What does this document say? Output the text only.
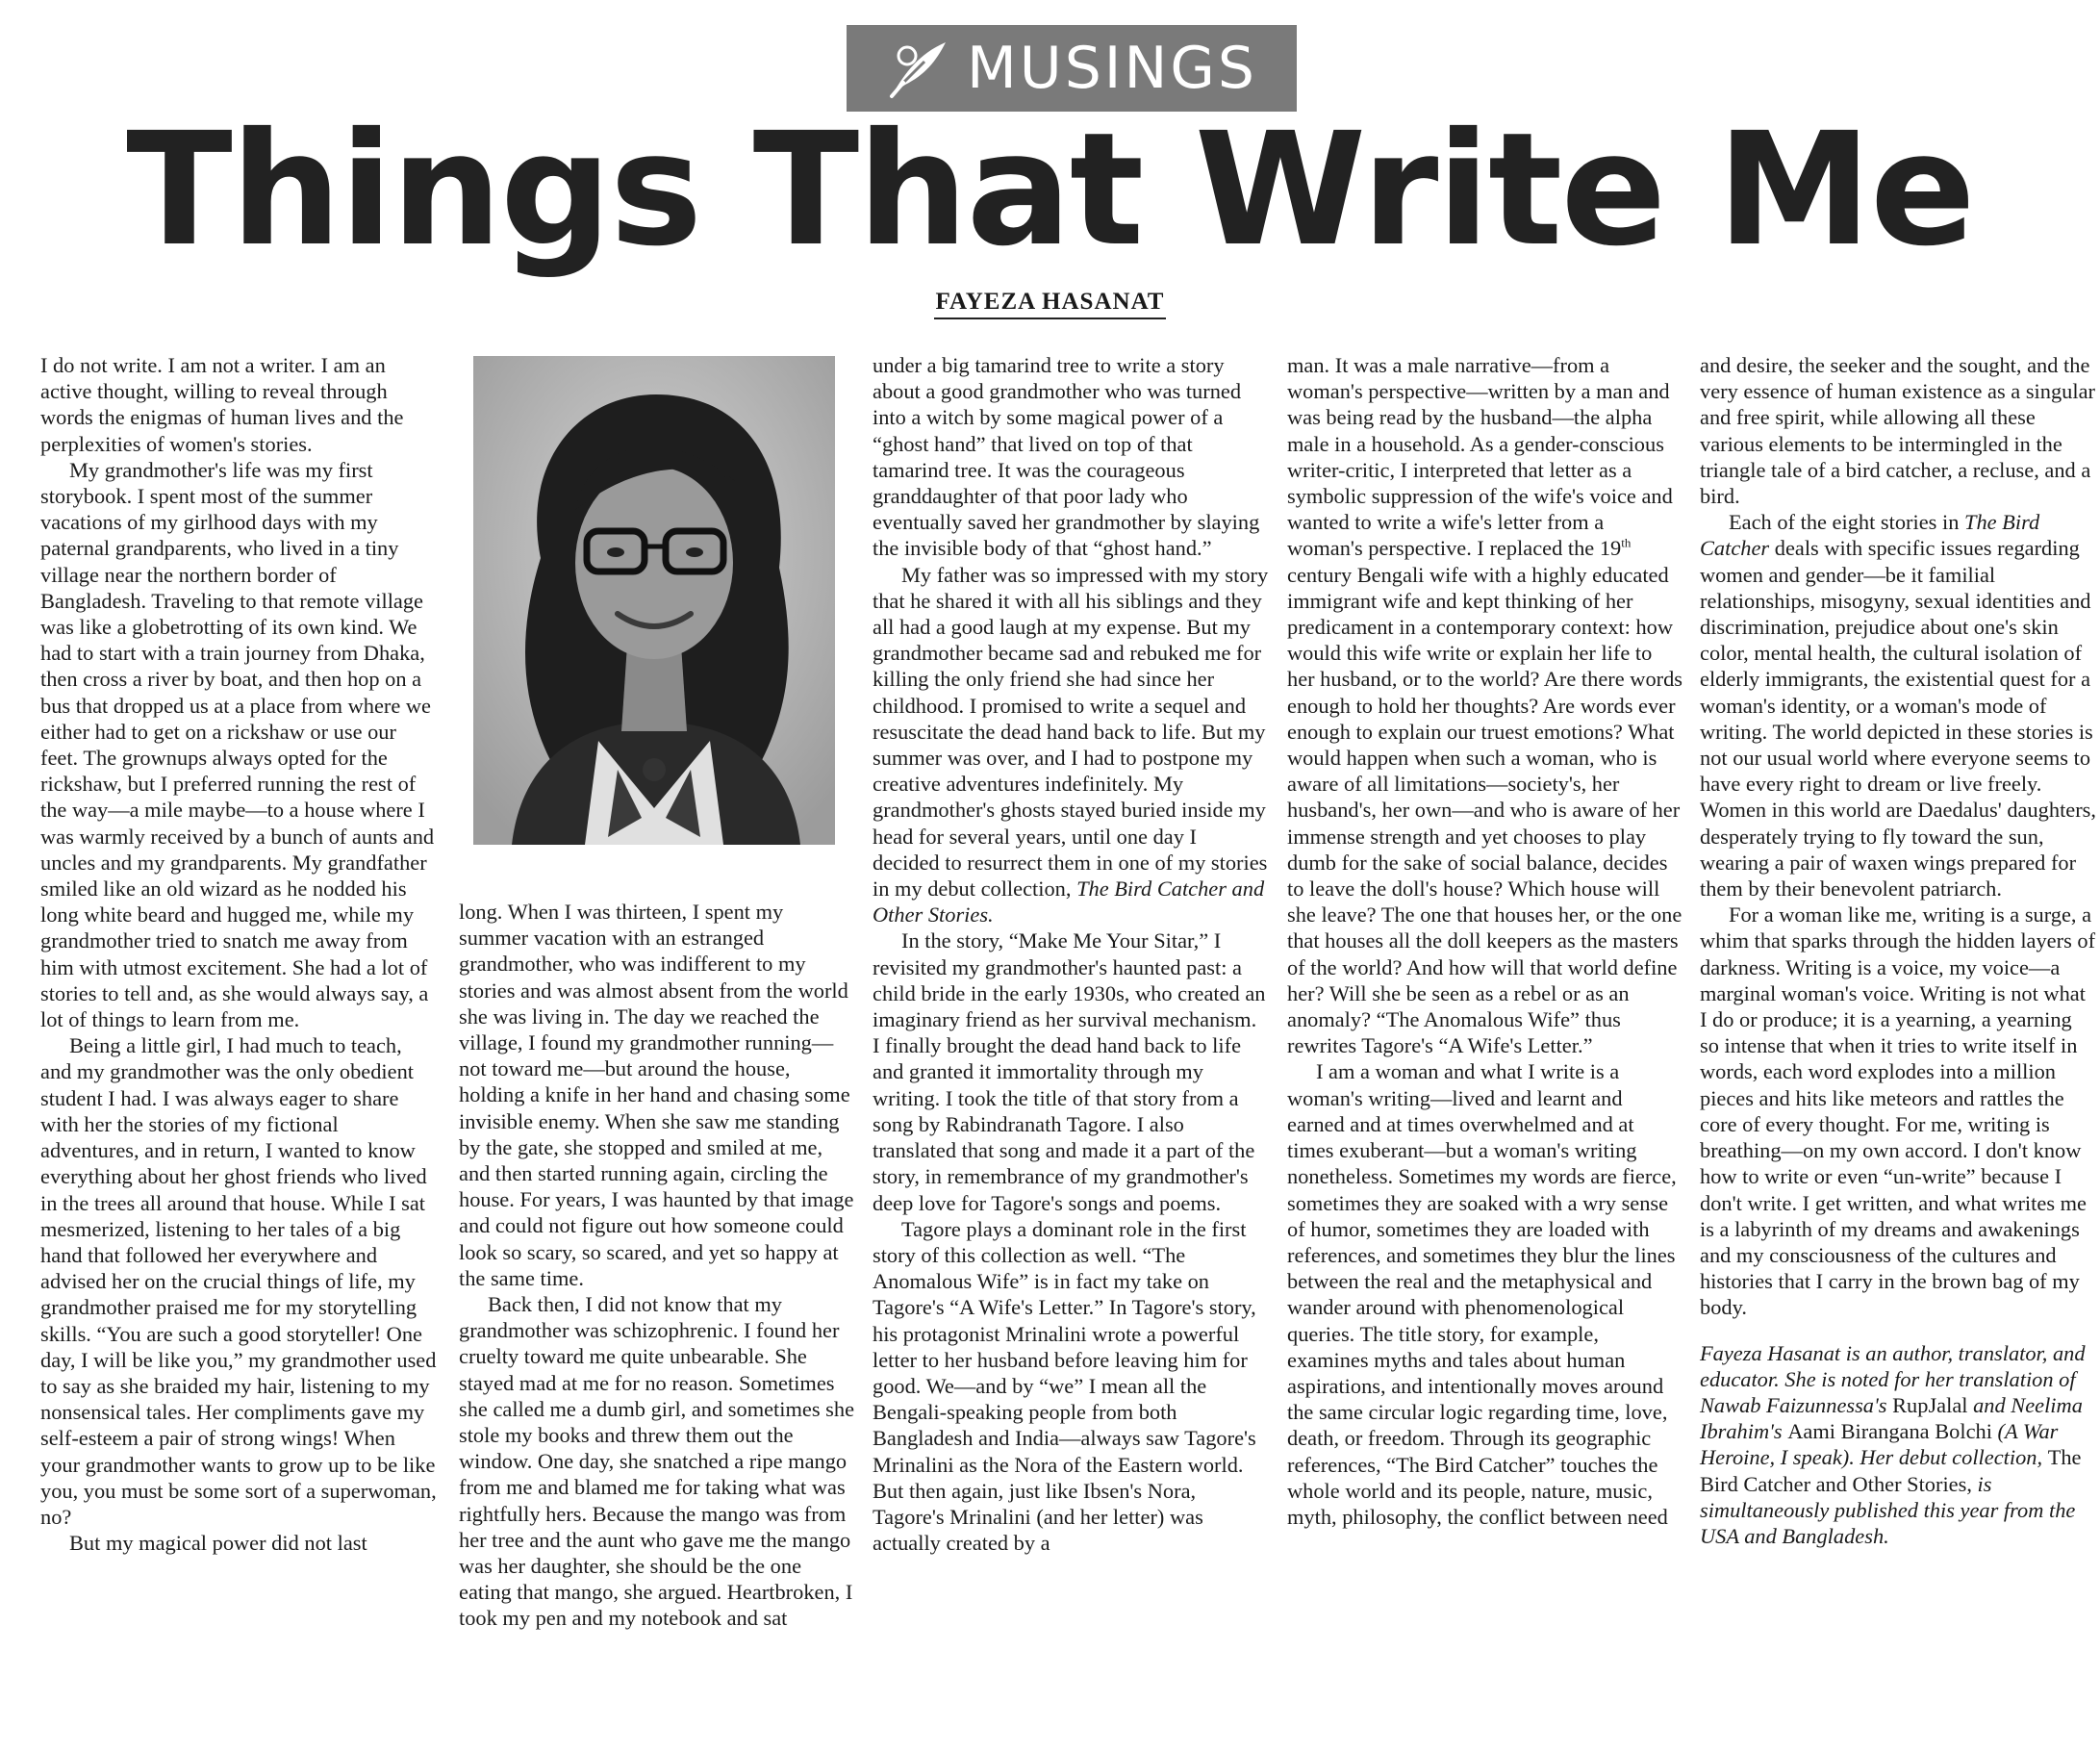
MUSINGS
Things That Write Me
FAYEZA HASANAT

I do not write. I am not a writer. I am an active thought, willing to reveal through words the enigmas of human lives and the perplexities of women's stories.

My grandmother's life was my first storybook. I spent most of the summer vacations of my girlhood days with my paternal grandparents, who lived in a tiny village near the northern border of Bangladesh. Traveling to that remote village was like a globetrotting of its own kind. We had to start with a train journey from Dhaka, then cross a river by boat, and then hop on a bus that dropped us at a place from where we either had to get on a rickshaw or use our feet. The grownups always opted for the rickshaw, but I preferred running the rest of the way—a mile maybe—to a house where I was warmly received by a bunch of aunts and uncles and my grandparents. My grandfather smiled like an old wizard as he nodded his long white beard and hugged me, while my grandmother tried to snatch me away from him with utmost excitement. She had a lot of stories to tell and, as she would always say, a lot of things to learn from me.

Being a little girl, I had much to teach, and my grandmother was the only obedient student I had. I was always eager to share with her the stories of my fictional adventures, and in return, I wanted to know everything about her ghost friends who lived in the trees all around that house. While I sat mesmerized, listening to her tales of a big hand that followed her everywhere and advised her on the crucial things of life, my grandmother praised me for my storytelling skills. “You are such a good storyteller! One day, I will be like you,” my grandmother used to say as she braided my hair, listening to my nonsensical tales. Her compliments gave my self-esteem a pair of strong wings! When your grandmother wants to grow up to be like you, you must be some sort of a superwoman, no?

But my magical power did not last

long. When I was thirteen, I spent my summer vacation with an estranged grandmother, who was indifferent to my stories and was almost absent from the world she was living in. The day we reached the village, I found my grandmother running—not toward me—but around the house, holding a knife in her hand and chasing some invisible enemy. When she saw me standing by the gate, she stopped and smiled at me, and then started running again, circling the house. For years, I was haunted by that image and could not figure out how someone could look so scary, so scared, and yet so happy at the same time.

Back then, I did not know that my grandmother was schizophrenic. I found her cruelty toward me quite unbearable. She stayed mad at me for no reason. Sometimes she called me a dumb girl, and sometimes she stole my books and threw them out the window. One day, she snatched a ripe mango from me and blamed me for taking what was rightfully hers. Because the mango was from her tree and the aunt who gave me the mango was her daughter, she should be the one eating that mango, she argued. Heartbroken, I took my pen and my notebook and sat

under a big tamarind tree to write a story about a good grandmother who was turned into a witch by some magical power of a “ghost hand” that lived on top of that tamarind tree. It was the courageous granddaughter of that poor lady who eventually saved her grandmother by slaying the invisible body of that “ghost hand.”

My father was so impressed with my story that he shared it with all his siblings and they all had a good laugh at my expense. But my grandmother became sad and rebuked me for killing the only friend she had since her childhood. I promised to write a sequel and resuscitate the dead hand back to life. But my summer was over, and I had to postpone my creative adventures indefinitely. My grandmother's ghosts stayed buried inside my head for several years, until one day I decided to resurrect them in one of my stories in my debut collection, The Bird Catcher and Other Stories.

In the story, “Make Me Your Sitar,” I revisited my grandmother's haunted past: a child bride in the early 1930s, who created an imaginary friend as her survival mechanism. I finally brought the dead hand back to life and granted it immortality through my writing. I took the title of that story from a song by Rabindranath Tagore. I also translated that song and made it a part of the story, in remembrance of my grandmother's deep love for Tagore's songs and poems.

Tagore plays a dominant role in the first story of this collection as well. “The Anomalous Wife” is in fact my take on Tagore's “A Wife's Letter.” In Tagore's story, his protagonist Mrinalini wrote a powerful letter to her husband before leaving him for good. We—and by “we” I mean all the Bengali-speaking people from both Bangladesh and India—always saw Tagore's Mrinalini as the Nora of the Eastern world. But then again, just like Ibsen's Nora, Tagore's Mrinalini (and her letter) was actually created by a

man. It was a male narrative—from a woman's perspective—written by a man and was being read by the husband—the alpha male in a household. As a gender-conscious writer-critic, I interpreted that letter as a symbolic suppression of the wife's voice and wanted to write a wife's letter from a woman's perspective. I replaced the 19th century Bengali wife with a highly educated immigrant wife and kept thinking of her predicament in a contemporary context: how would this wife write or explain her life to her husband, or to the world? Are there words enough to hold her thoughts? Are words ever enough to explain our truest emotions? What would happen when such a woman, who is aware of all limitations—society's, her husband's, her own—and who is aware of her immense strength and yet chooses to play dumb for the sake of social balance, decides to leave the doll's house? Which house will she leave? The one that houses her, or the one that houses all the doll keepers as the masters of the world? And how will that world define her? Will she be seen as a rebel or as an anomaly? “The Anomalous Wife” thus rewrites Tagore's “A Wife's Letter.”

I am a woman and what I write is a woman's writing—lived and learnt and earned and at times overwhelmed and at times exuberant—but a woman's writing nonetheless. Sometimes my words are fierce, sometimes they are soaked with a wry sense of humor, sometimes they are loaded with references, and sometimes they blur the lines between the real and the metaphysical and wander around with phenomenological queries. The title story, for example, examines myths and tales about human aspirations, and intentionally moves around the same circular logic regarding time, love, death, or freedom. Through its geographic references, “The Bird Catcher” touches the whole world and its people, nature, music, myth, philosophy, the conflict between need

and desire, the seeker and the sought, and the very essence of human existence as a singular and free spirit, while allowing all these various elements to be intermingled in the triangle tale of a bird catcher, a recluse, and a bird.

Each of the eight stories in The Bird Catcher deals with specific issues regarding women and gender—be it familial relationships, misogyny, sexual identities and discrimination, prejudice about one's skin color, mental health, the cultural isolation of elderly immigrants, the existential quest for a woman's identity, or a woman's mode of writing. The world depicted in these stories is not our usual world where everyone seems to have every right to dream or live freely. Women in this world are Daedalus' daughters, desperately trying to fly toward the sun, wearing a pair of waxen wings prepared for them by their benevolent patriarch.

For a woman like me, writing is a surge, a whim that sparks through the hidden layers of darkness. Writing is a voice, my voice—a marginal woman's voice. Writing is not what I do or produce; it is a yearning, a yearning so intense that when it tries to write itself in words, each word explodes into a million pieces and hits like meteors and rattles the core of every thought. For me, writing is breathing—on my own accord. I don't know how to write or even “un-write” because I don't write. I get written, and what writes me is a labyrinth of my dreams and awakenings and my consciousness of the cultures and histories that I carry in the brown bag of my body.

Fayeza Hasanat is an author, translator, and educator. She is noted for her translation of Nawab Faizunnessa's RupJalal and Neelima Ibrahim's Aami Birangana Bolchi (A War Heroine, I speak). Her debut collection, The Bird Catcher and Other Stories, is simultaneously published this year from the USA and Bangladesh.
